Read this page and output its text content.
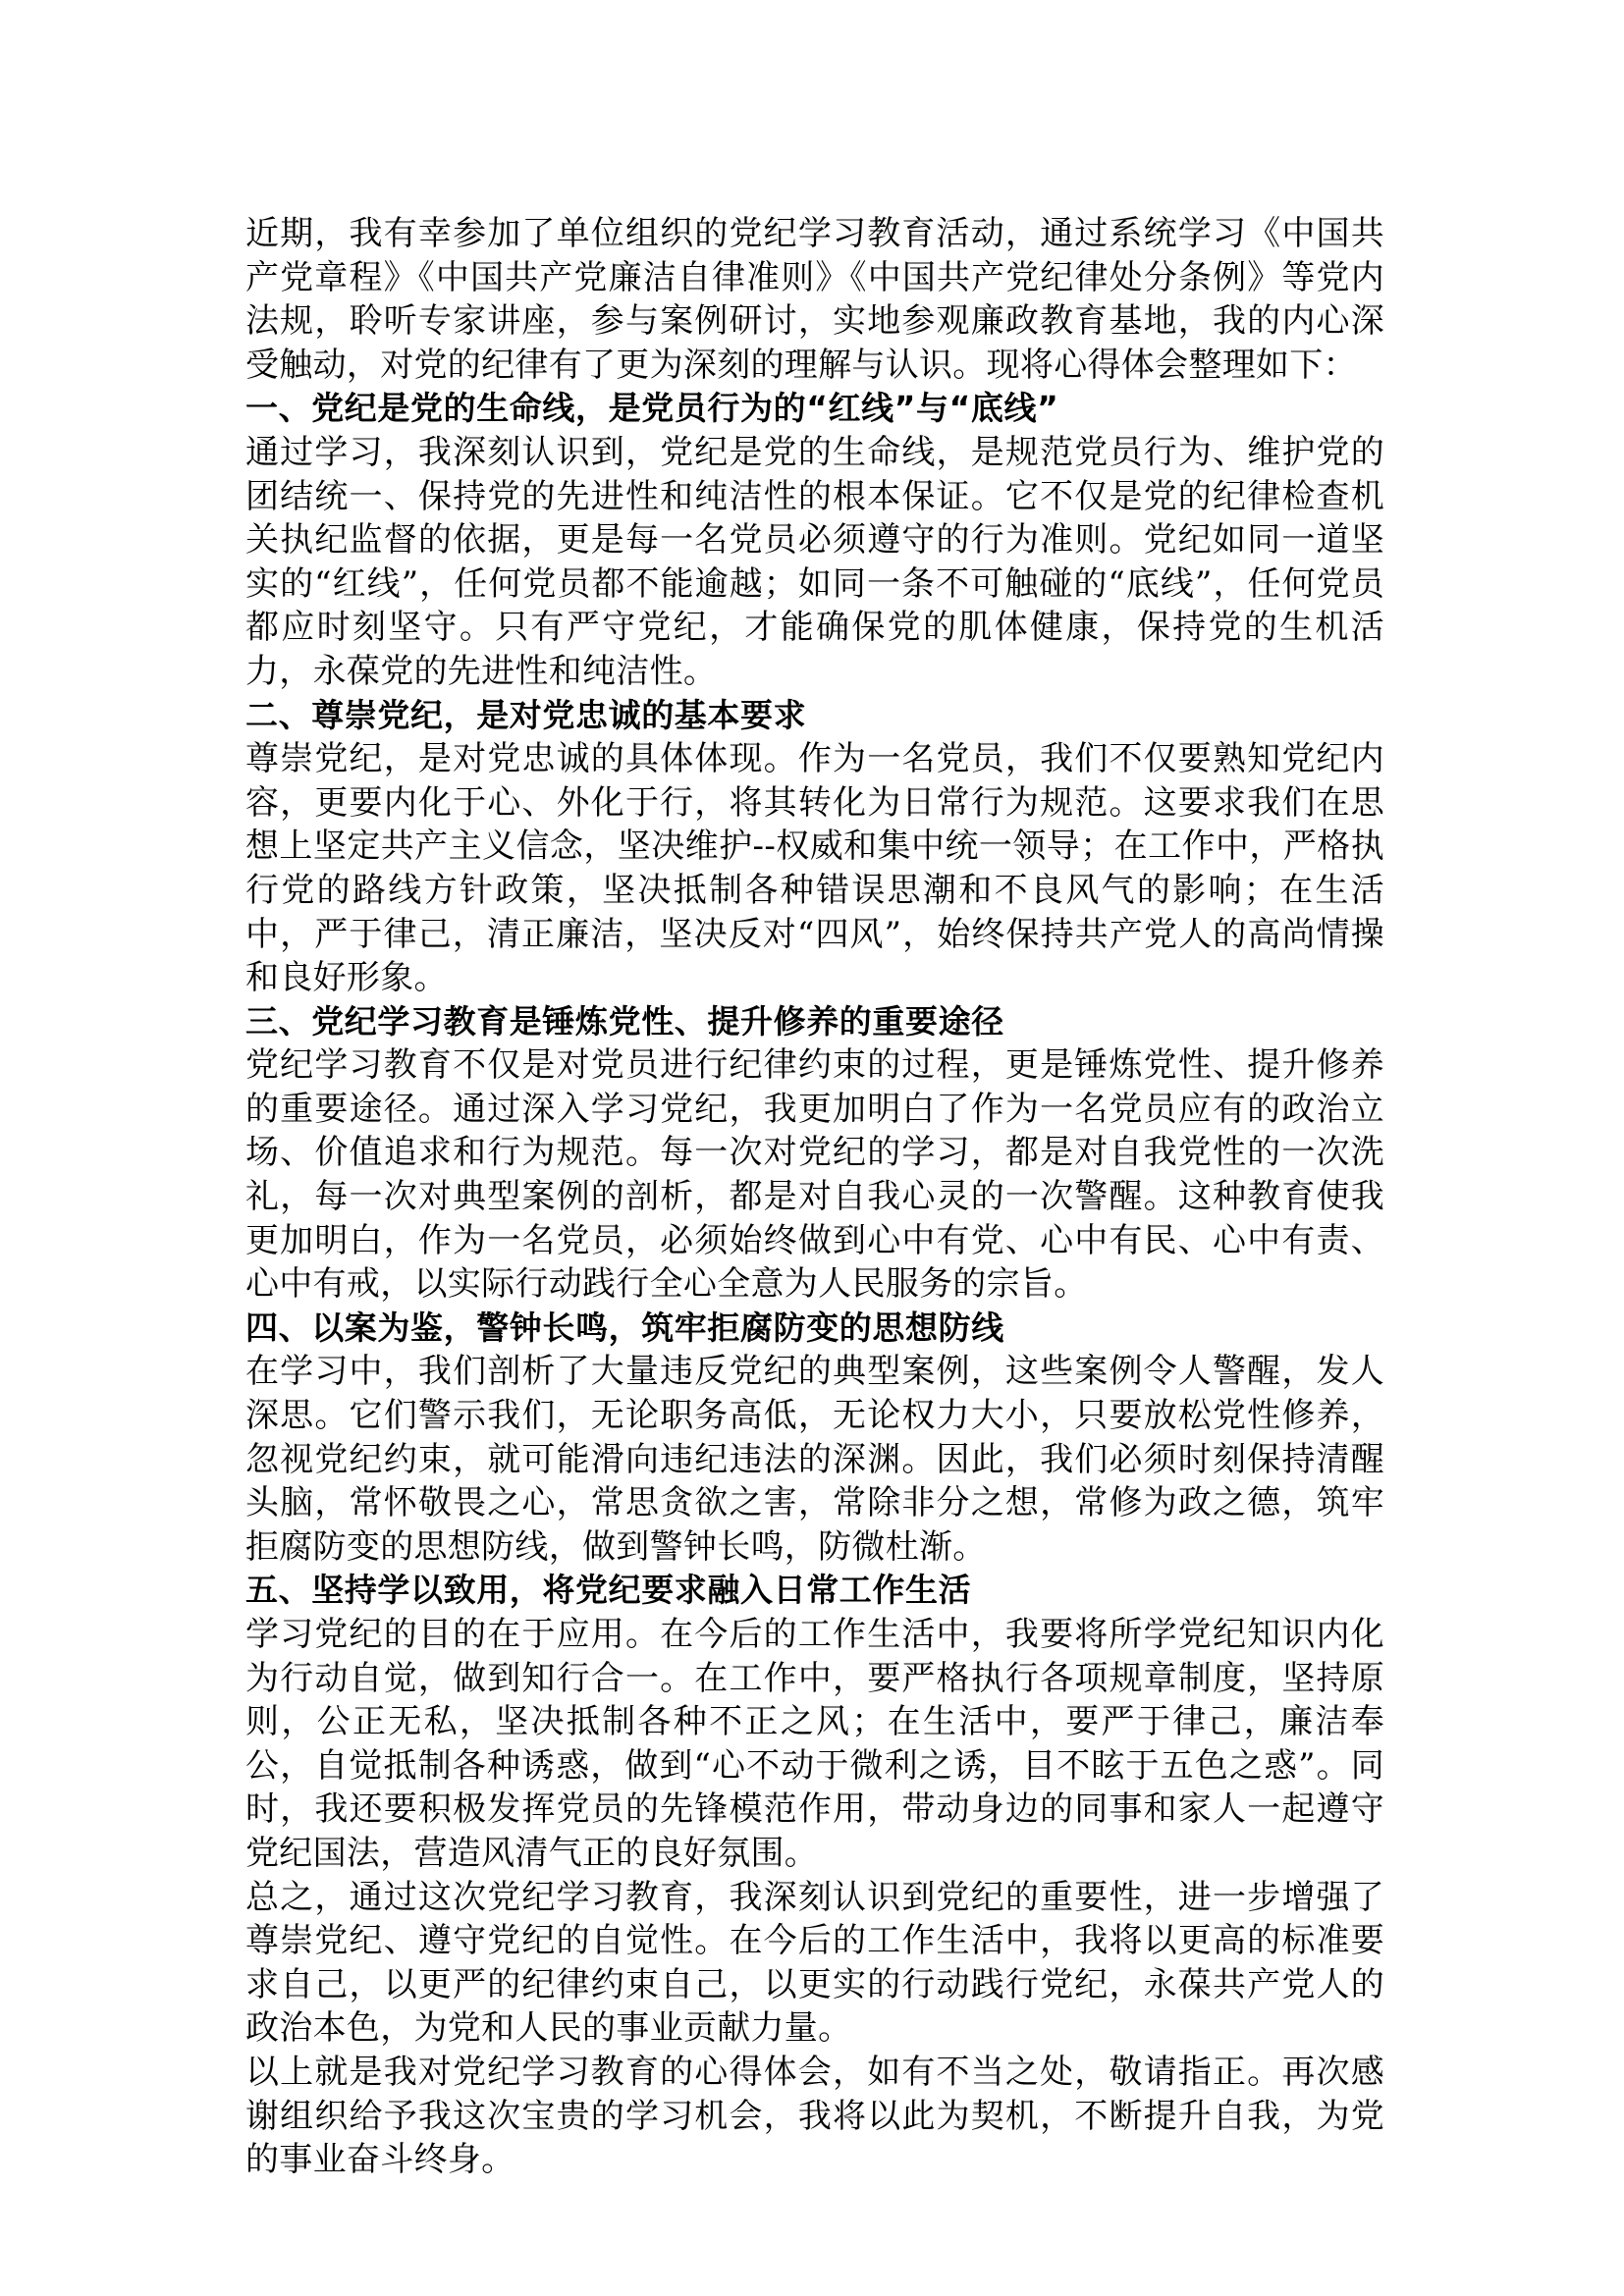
近期，我有幸参加了单位组织的党纪学习教育活动，通过系统学习《中国共产党章程》《中国共产党廉洁自律准则》《中国共产党纪律处分条例》等党内法规，聆听专家讲座，参与案例研讨，实地参观廉政教育基地，我的内心深受触动，对党的纪律有了更为深刻的理解与认识。现将心得体会整理如下：

一、党纪是党的生命线，是党员行为的“红线”与“底线”

通过学习，我深刻认识到，党纪是党的生命线，是规范党员行为、维护党的团结统一、保持党的先进性和纯洁性的根本保证。它不仅是党的纪律检查机关执纪监督的依据，更是每一名党员必须遵守的行为准则。党纪如同一道坚实的“红线”，任何党员都不能逾越；如同一条不可触碰的“底线”，任何党员都应时刻坚守。只有严守党纪，才能确保党的肌体健康，保持党的生机活力，永葆党的先进性和纯洁性。

二、尊崇党纪，是对党忠诚的基本要求

尊崇党纪，是对党忠诚的具体体现。作为一名党员，我们不仅要熟知党纪内容，更要内化于心、外化于行，将其转化为日常行为规范。这要求我们在思想上坚定共产主义信念，坚决维护--权威和集中统一领导；在工作中，严格执行党的路线方针政策，坚决抵制各种错误思潮和不良风气的影响；在生活中，严于律己，清正廉洁，坚决反对“四风”，始终保持共产党人的高尚情操和良好形象。

三、党纪学习教育是锤炼党性、提升修养的重要途径

党纪学习教育不仅是对党员进行纪律约束的过程，更是锤炼党性、提升修养的重要途径。通过深入学习党纪，我更加明白了作为一名党员应有的政治立场、价值追求和行为规范。每一次对党纪的学习，都是对自我党性的一次洗礼，每一次对典型案例的剖析，都是对自我心灵的一次警醒。这种教育使我更加明白，作为一名党员，必须始终做到心中有党、心中有民、心中有责、心中有戒，以实际行动践行全心全意为人民服务的宗旨。

四、以案为鉴，警钟长鸣，筑牢拒腐防变的思想防线

在学习中，我们剖析了大量违反党纪的典型案例，这些案例令人警醒，发人深思。它们警示我们，无论职务高低，无论权力大小，只要放松党性修养，忽视党纪约束，就可能滑向违纪违法的深渊。因此，我们必须时刻保持清醒头脑，常怀敬畏之心，常思贪欲之害，常除非分之想，常修为政之德，筑牢拒腐防变的思想防线，做到警钟长鸣，防微杜渐。

五、坚持学以致用，将党纪要求融入日常工作生活

学习党纪的目的在于应用。在今后的工作生活中，我要将所学党纪知识内化为行动自觉，做到知行合一。在工作中，要严格执行各项规章制度，坚持原则，公正无私，坚决抵制各种不正之风；在生活中，要严于律己，廉洁奉公，自觉抵制各种诱惑，做到“心不动于微利之诱，目不眩于五色之惑”。同时，我还要积极发挥党员的先锋模范作用，带动身边的同事和家人一起遵守党纪国法，营造风清气正的良好氛围。

总之，通过这次党纪学习教育，我深刻认识到党纪的重要性，进一步增强了尊崇党纪、遵守党纪的自觉性。在今后的工作生活中，我将以更高的标准要求自己，以更严的纪律约束自己，以更实的行动践行党纪，永葆共产党人的政治本色，为党和人民的事业贡献力量。

以上就是我对党纪学习教育的心得体会，如有不当之处，敬请指正。再次感谢组织给予我这次宝贵的学习机会，我将以此为契机，不断提升自我，为党的事业奋斗终身。
